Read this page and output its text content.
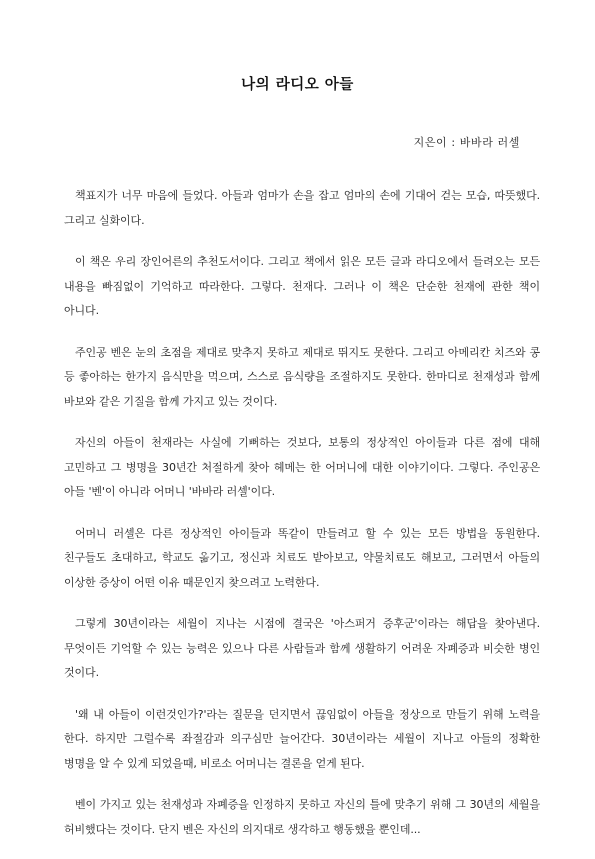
나의 라디오 아들
지은이 : 바바라 러셀

책표지가 너무 마음에 들었다. 아들과 엄마가 손을 잡고 엄마의 손에 기대어 걷는 모습, 따뜻했다. 그리고 실화이다.

이 책은 우리 장인어른의 추천도서이다. 그리고 책에서 읽은 모든 글과 라디오에서 들려오는 모든 내용을 빠짐없이 기억하고 따라한다. 그렇다. 천재다. 그러나 이 책은 단순한 천재에 관한 책이 아니다.

주인공 벤은 눈의 초점을 제대로 맞추지 못하고 제대로 뛰지도 못한다. 그리고 아메리칸 치즈와 콩 등 좋아하는 한가지 음식만을 먹으며, 스스로 음식량을 조절하지도 못한다. 한마디로 천재성과 함께 바보와 같은 기질을 함께 가지고 있는 것이다.

자신의 아들이 천재라는 사실에 기뻐하는 것보다, 보통의 정상적인 아이들과 다른 점에 대해 고민하고 그 병명을 30년간 처절하게 찾아 헤메는 한 어머니에 대한 이야기이다. 그렇다. 주인공은 아들 '벤'이 아니라 어머니 '바바라 러셀'이다.

어머니 러셀은 다른 정상적인 아이들과 똑같이 만들려고 할 수 있는 모든 방법을 동원한다. 친구들도 초대하고, 학교도 옮기고, 정신과 치료도 받아보고, 약물치료도 해보고, 그러면서 아들의 이상한 증상이 어떤 이유 때문인지 찾으려고 노력한다.

그렇게 30년이라는 세월이 지나는 시점에 결국은 '아스퍼거 증후군'이라는 해답을 찾아낸다. 무엇이든 기억할 수 있는 능력은 있으나 다른 사람들과 함께 생활하기 어려운 자폐증과 비슷한 병인 것이다.

'왜 내 아들이 이런것인가?'라는 질문을 던지면서 끊임없이 아들을 정상으로 만들기 위해 노력을 한다. 하지만 그럴수록 좌절감과 의구심만 늘어간다. 30년이라는 세월이 지나고 아들의 정확한 병명을 알 수 있게 되었을때, 비로소 어머니는 결론을 얻게 된다.

벤이 가지고 있는 천재성과 자폐증을 인정하지 못하고 자신의 틀에 맞추기 위해 그 30년의 세월을 허비했다는 것이다. 단지 벤은 자신의 의지대로 생각하고 행동했을 뿐인데...
